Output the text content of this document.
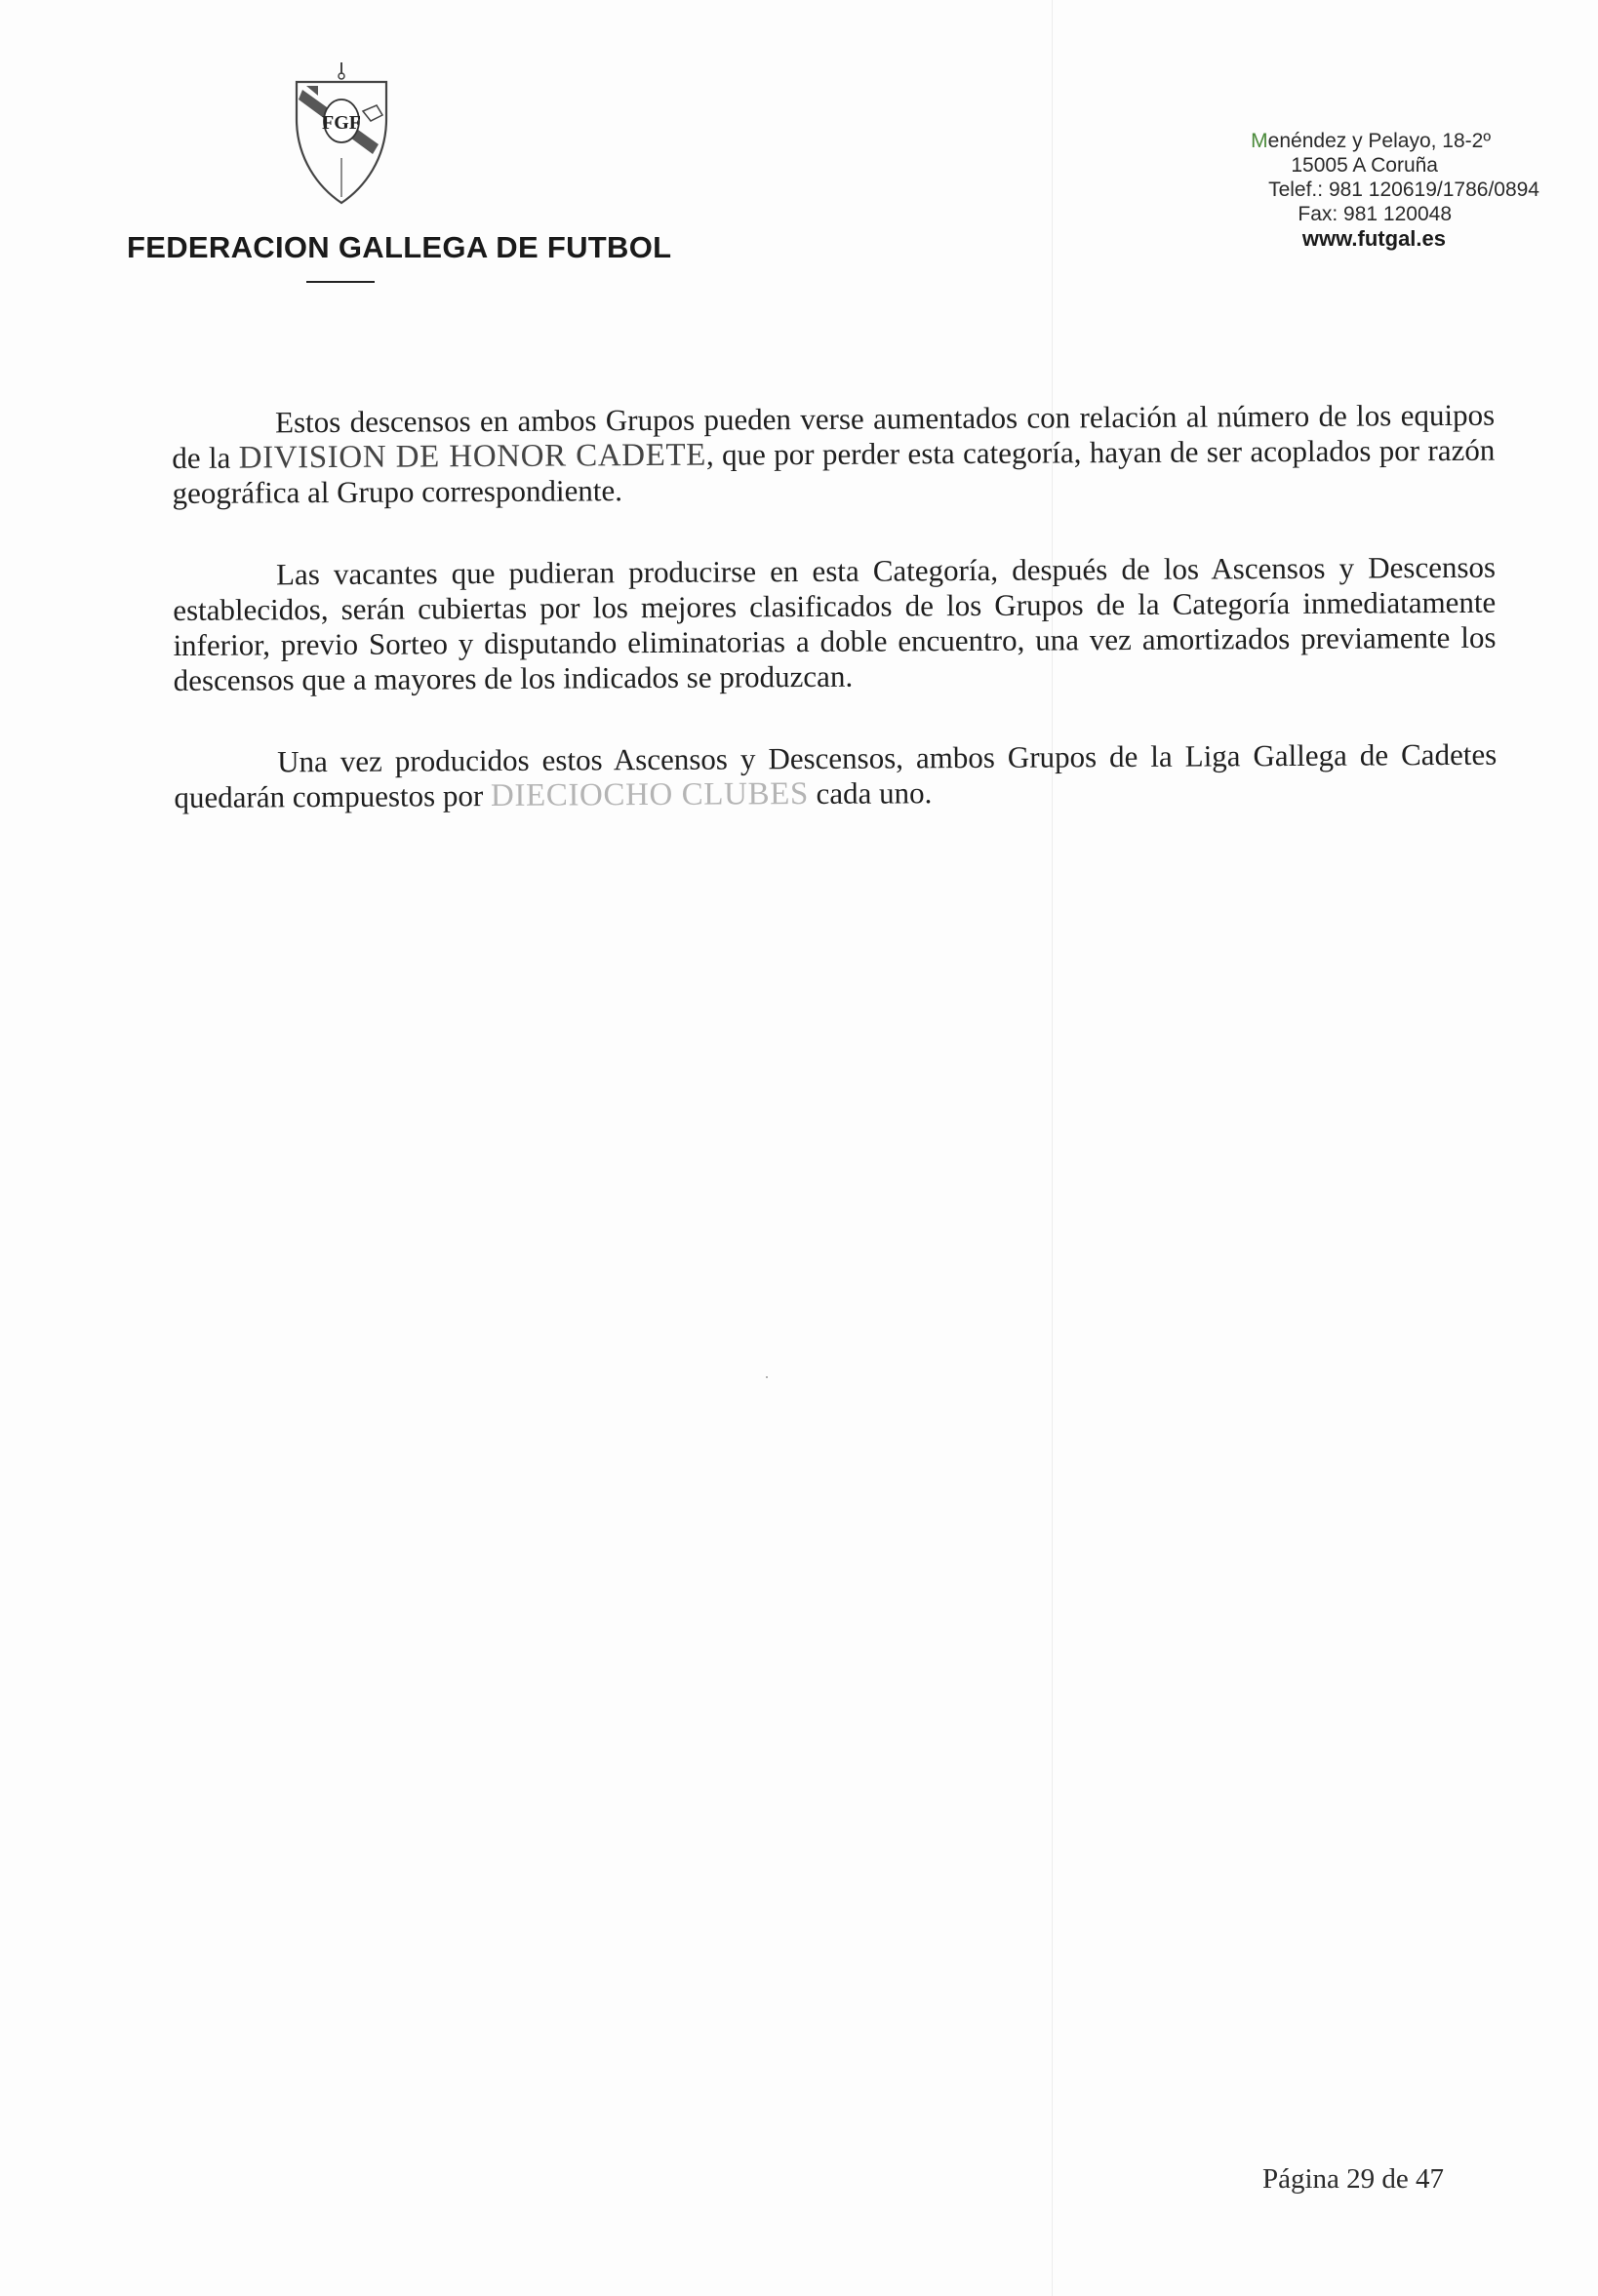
FGF
FEDERACION GALLEGA DE FUTBOL
Menéndez y Pelayo, 18-2º
15005 A Coruña
Telef.: 981 120619/1786/0894
Fax: 981 120048
www.futgal.es

Estos descensos en ambos Grupos pueden verse aumentados con relación al número de los equipos de la DIVISION DE HONOR CADETE, que por perder esta categoría, hayan de ser acoplados por razón geográfica al Grupo correspondiente.

Las vacantes que pudieran producirse en esta Categoría, después de los Ascensos y Descensos establecidos, serán cubiertas por los mejores clasificados de los Grupos de la Categoría inmediatamente inferior, previo Sorteo y disputando eliminatorias a doble encuentro, una vez amortizados previamente los descensos que a mayores de los indicados se produzcan.

Una vez producidos estos Ascensos y Descensos, ambos Grupos de la Liga Gallega de Cadetes quedarán compuestos por DIECIOCHO CLUBES cada uno.

Página 29 de 47
